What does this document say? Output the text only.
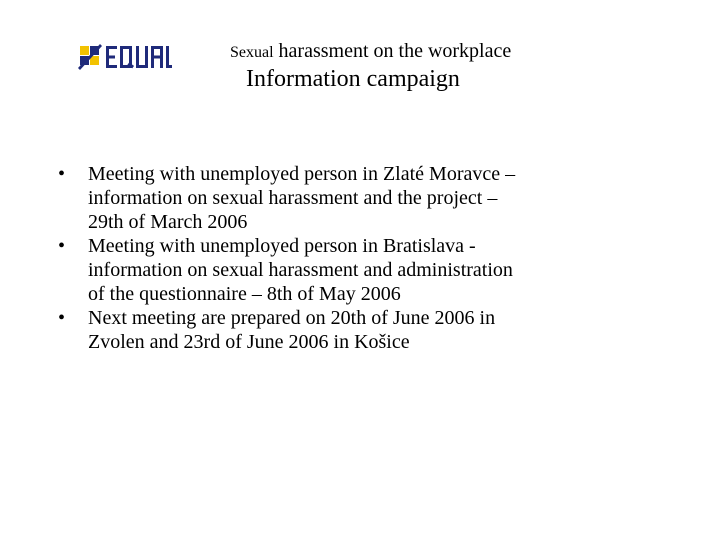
Sexual harassment on the workplace
Information campaign
• Meeting with unemployed person in Zlaté Moravce –
information on sexual harassment and the project –
29th of March 2006
• Meeting with unemployed person in Bratislava -
information on sexual harassment and administration
of the questionnaire – 8th of May 2006
• Next meeting are prepared on 20th of June 2006 in
Zvolen and 23rd of June 2006 in Košice
